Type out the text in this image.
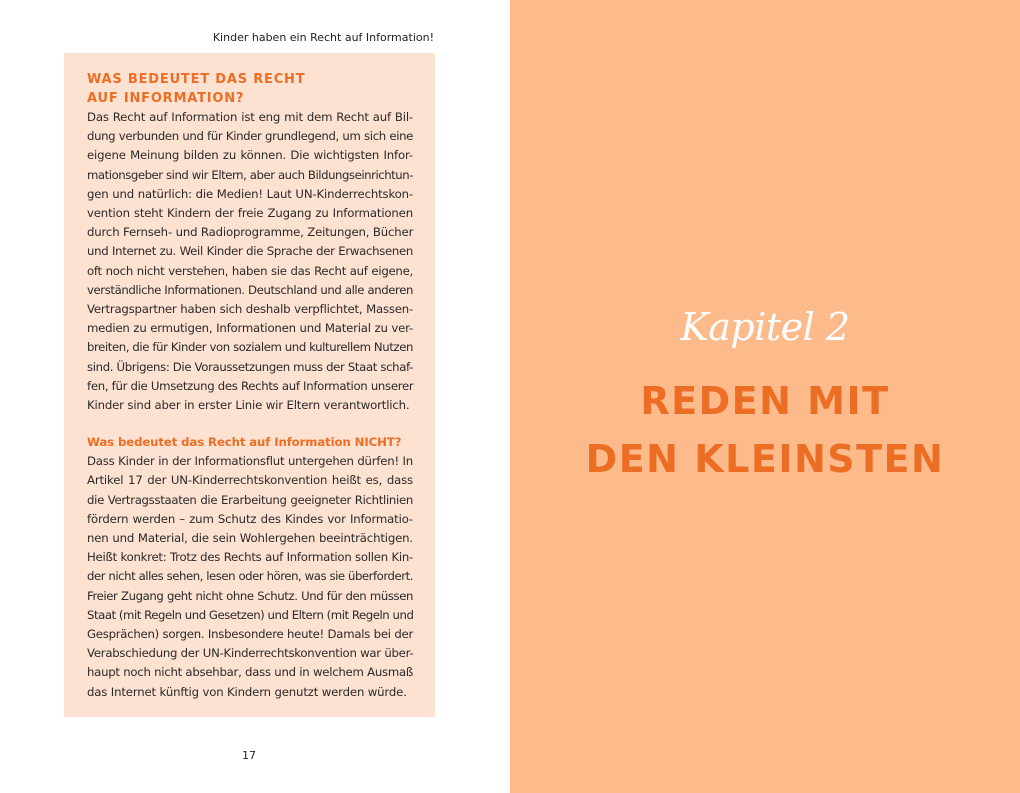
Kinder haben ein Recht auf Information!
WAS BEDEUTET DAS RECHT
AUF INFORMATION?

Das Recht auf Information ist eng mit dem Recht auf Bil-
dung verbunden und für Kinder grundlegend, um sich eine
eigene Meinung bilden zu können. Die wichtigsten Infor-
mationsgeber sind wir Eltern, aber auch Bildungseinrichtun-
gen und natürlich: die Medien! Laut UN-Kinderrechtskon-
vention steht Kindern der freie Zugang zu Informationen
durch Fernseh- und Radioprogramme, Zeitungen, Bücher
und Internet zu. Weil Kinder die Sprache der Erwachsenen
oft noch nicht verstehen, haben sie das Recht auf eigene,
verständliche Informationen. Deutschland und alle anderen
Vertragspartner haben sich deshalb verpflichtet, Massen-
medien zu ermutigen, Informationen und Material zu ver-
breiten, die für Kinder von sozialem und kulturellem Nutzen
sind. Übrigens: Die Voraussetzungen muss der Staat schaf-
fen, für die Umsetzung des Rechts auf Information unserer
Kinder sind aber in erster Linie wir Eltern verantwortlich.

Was bedeutet das Recht auf Information NICHT?

Dass Kinder in der Informationsflut untergehen dürfen! In
Artikel 17 der UN-Kinderrechtskonvention heißt es, dass
die Vertragsstaaten die Erarbeitung geeigneter Richtlinien
fördern werden – zum Schutz des Kindes vor Informatio-
nen und Material, die sein Wohlergehen beeinträchtigen.
Heißt konkret: Trotz des Rechts auf Information sollen Kin-
der nicht alles sehen, lesen oder hören, was sie überfordert.
Freier Zugang geht nicht ohne Schutz. Und für den müssen
Staat (mit Regeln und Gesetzen) und Eltern (mit Regeln und
Gesprächen) sorgen. Insbesondere heute! Damals bei der
Verabschiedung der UN-Kinderrechtskonvention war über-
haupt noch nicht absehbar, dass und in welchem Ausmaß
das Internet künftig von Kindern genutzt werden würde.

17
Kapitel 2
REDEN MIT
DEN KLEINSTEN
